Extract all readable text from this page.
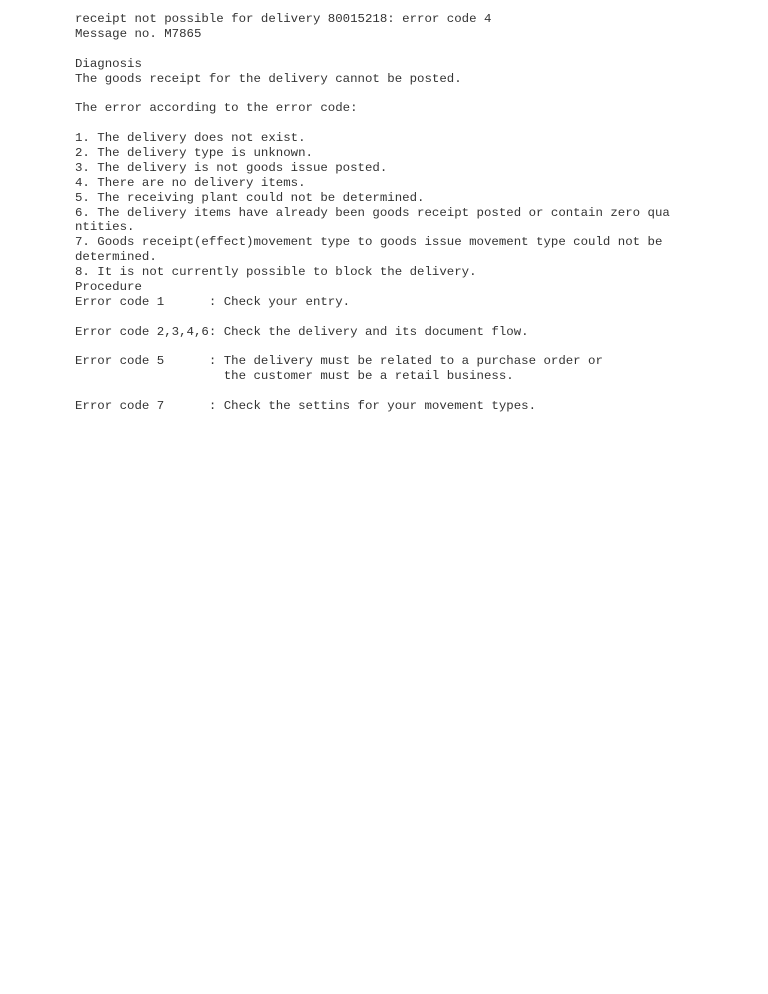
receipt not possible for delivery 80015218: error code 4
Message no. M7865
Diagnosis
The goods receipt for the delivery cannot be posted.
The error according to the error code:
1. The delivery does not exist.
2. The delivery type is unknown.
3. The delivery is not goods issue posted.
4. There are no delivery items.
5. The receiving plant could not be determined.
6. The delivery items have already been goods receipt posted or contain zero qua
ntities.
7. Goods receipt(effect)movement type to goods issue movement type could not be
determined.
8. It is not currently possible to block the delivery.
Procedure
Error code 1      : Check your entry.
Error code 2,3,4,6: Check the delivery and its document flow.
Error code 5      : The delivery must be related to a purchase order or
the customer must be a retail business.
Error code 7      : Check the settins for your movement types.
